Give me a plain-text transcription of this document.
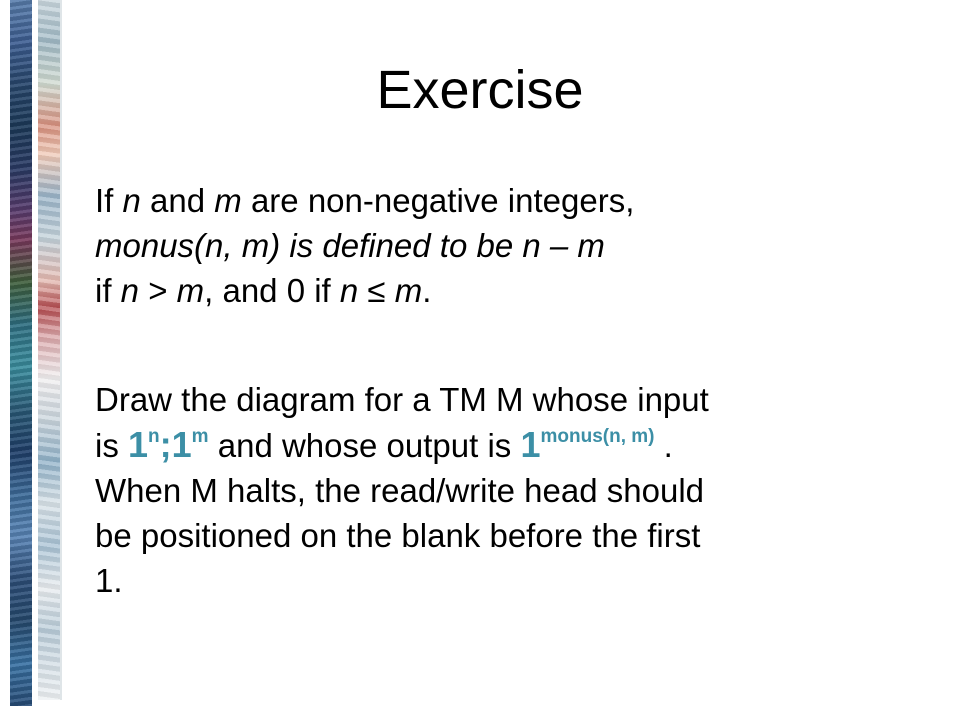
Exercise

If n and m are non-negative integers,
monus(n, m) is defined to be n – m
if n > m, and 0 if n ≤ m.

Draw the diagram for a TM M whose input
is 1$^n$;1$^m$ and whose output is $1^{monus(n, m)}$ .
When M halts, the read/write head should
be positioned on the blank before the first
1.
